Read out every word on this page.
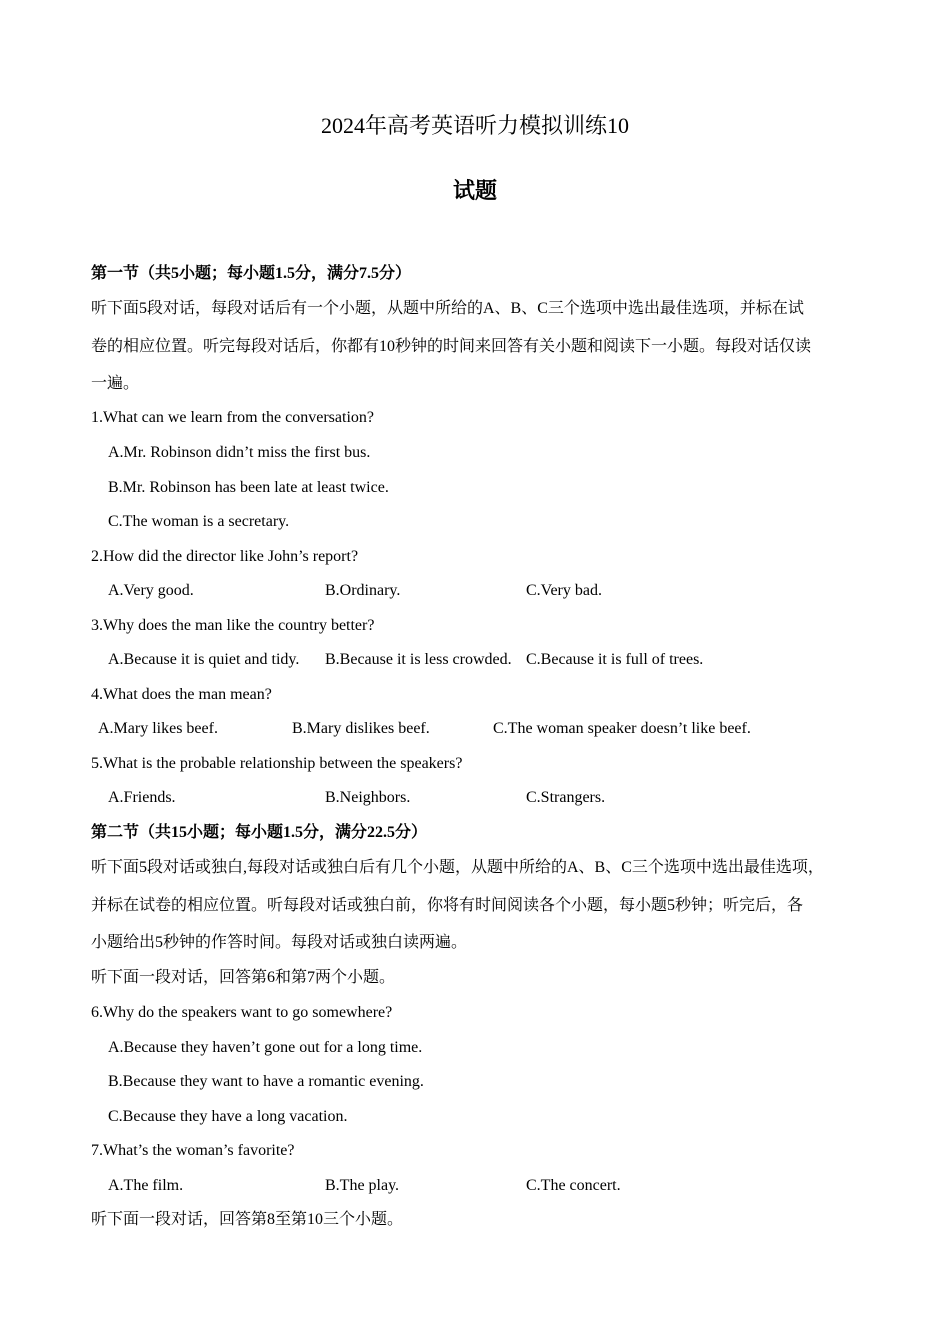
2024年高考英语听力模拟训练10
试题
第一节（共5小题；每小题1.5分，满分7.5分）
听下面5段对话，每段对话后有一个小题，从题中所给的A、B、C三个选项中选出最佳选项，并标在试
卷的相应位置。听完每段对话后，你都有10秒钟的时间来回答有关小题和阅读下一小题。每段对话仅读
一遍。
1.What can we learn from the conversation?
A.Mr. Robinson didn’t miss the first bus.
B.Mr. Robinson has been late at least twice.
C.The woman is a secretary.
2.How did the director like John’s report?
A.Very good.	B.Ordinary.	C.Very bad.
3.Why does the man like the country better?
A.Because it is quiet and tidy. B.Because it is less crowded. C.Because it is full of trees.
4.What does the man mean?
A.Mary likes beef.	B.Mary dislikes beef.	C.The woman speaker doesn’t like beef.
5.What is the probable relationship between the speakers?
A.Friends.	B.Neighbors.	C.Strangers.
第二节（共15小题；每小题1.5分，满分22.5分）
听下面5段对话或独白,每段对话或独白后有几个小题，从题中所给的A、B、C三个选项中选出最佳选项，
并标在试卷的相应位置。听每段对话或独白前，你将有时间阅读各个小题，每小题5秒钟；听完后，各
小题给出5秒钟的作答时间。每段对话或独白读两遍。
听下面一段对话，回答第6和第7两个小题。
6.Why do the speakers want to go somewhere?
A.Because they haven’t gone out for a long time.
B.Because they want to have a romantic evening.
C.Because they have a long vacation.
7.What’s the woman’s favorite?
A.The film.	B.The play.	C.The concert.
听下面一段对话，回答第8至第10三个小题。
